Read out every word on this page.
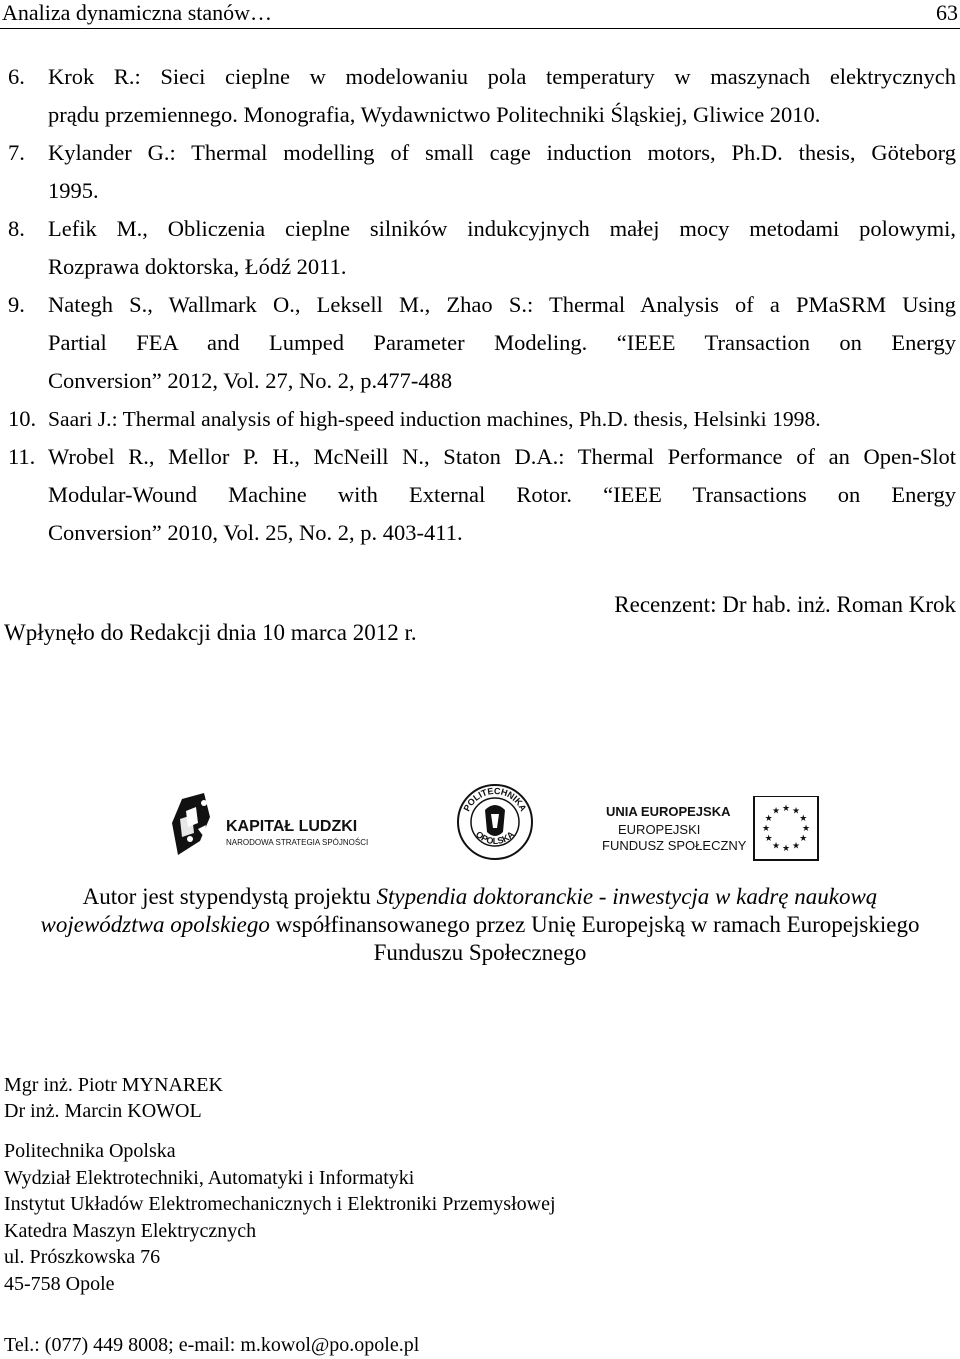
Analiza dynamiczna stanów…	63
6.	Krok R.: Sieci cieplne w modelowaniu pola temperatury w maszynach elektrycznych
prądu przemiennego. Monografia, Wydawnictwo Politechniki Śląskiej, Gliwice 2010.
7.	Kylander G.: Thermal modelling of small cage induction motors, Ph.D. thesis, Göteborg
1995.
8.	Lefik M., Obliczenia cieplne silników indukcyjnych małej mocy metodami polowymi,
Rozprawa doktorska, Łódź 2011.
9.	Nategh S., Wallmark O., Leksell M., Zhao S.: Thermal Analysis of a PMaSRM Using
Partial FEA and Lumped Parameter Modeling. “IEEE Transaction on Energy
Conversion” 2012, Vol. 27, No. 2, p.477-488
10. Saari J.: Thermal analysis of high-speed induction machines, Ph.D. thesis, Helsinki 1998.
11. Wrobel R., Mellor P. H., McNeill N., Staton D.A.: Thermal Performance of an Open-Slot
Modular-Wound Machine with External Rotor. “IEEE Transactions on Energy
Conversion” 2010, Vol. 25, No. 2, p. 403-411.
Recenzent: Dr hab. inż. Roman Krok
Wpłynęło do Redakcji dnia 10 marca 2012 r.
KAPITAŁ LUDZKI
NARODOWA STRATEGIA SPÓJNOŚCI
POLITECHNIKA
OPOLSKA
UNIA EUROPEJSKA
EUROPEJSKI
FUNDUSZ SPOŁECZNY
★ ★
★
★
★
★
★
★
★
★
★
★
Autor jest stypendystą projektu Stypendia doktoranckie - inwestycja w kadrę naukową województwa opolskiego współfinansowanego przez Unię Europejską w ramach Europejskiego Funduszu Społecznego
Mgr inż. Piotr MYNAREK
Dr inż. Marcin KOWOL
Politechnika Opolska
Wydział Elektrotechniki, Automatyki i Informatyki
Instytut Układów Elektromechanicznych i Elektroniki Przemysłowej
Katedra Maszyn Elektrycznych
ul. Prószkowska 76
45-758 Opole
Tel.: (077) 449 8008; e-mail: m.kowol@po.opole.pl
